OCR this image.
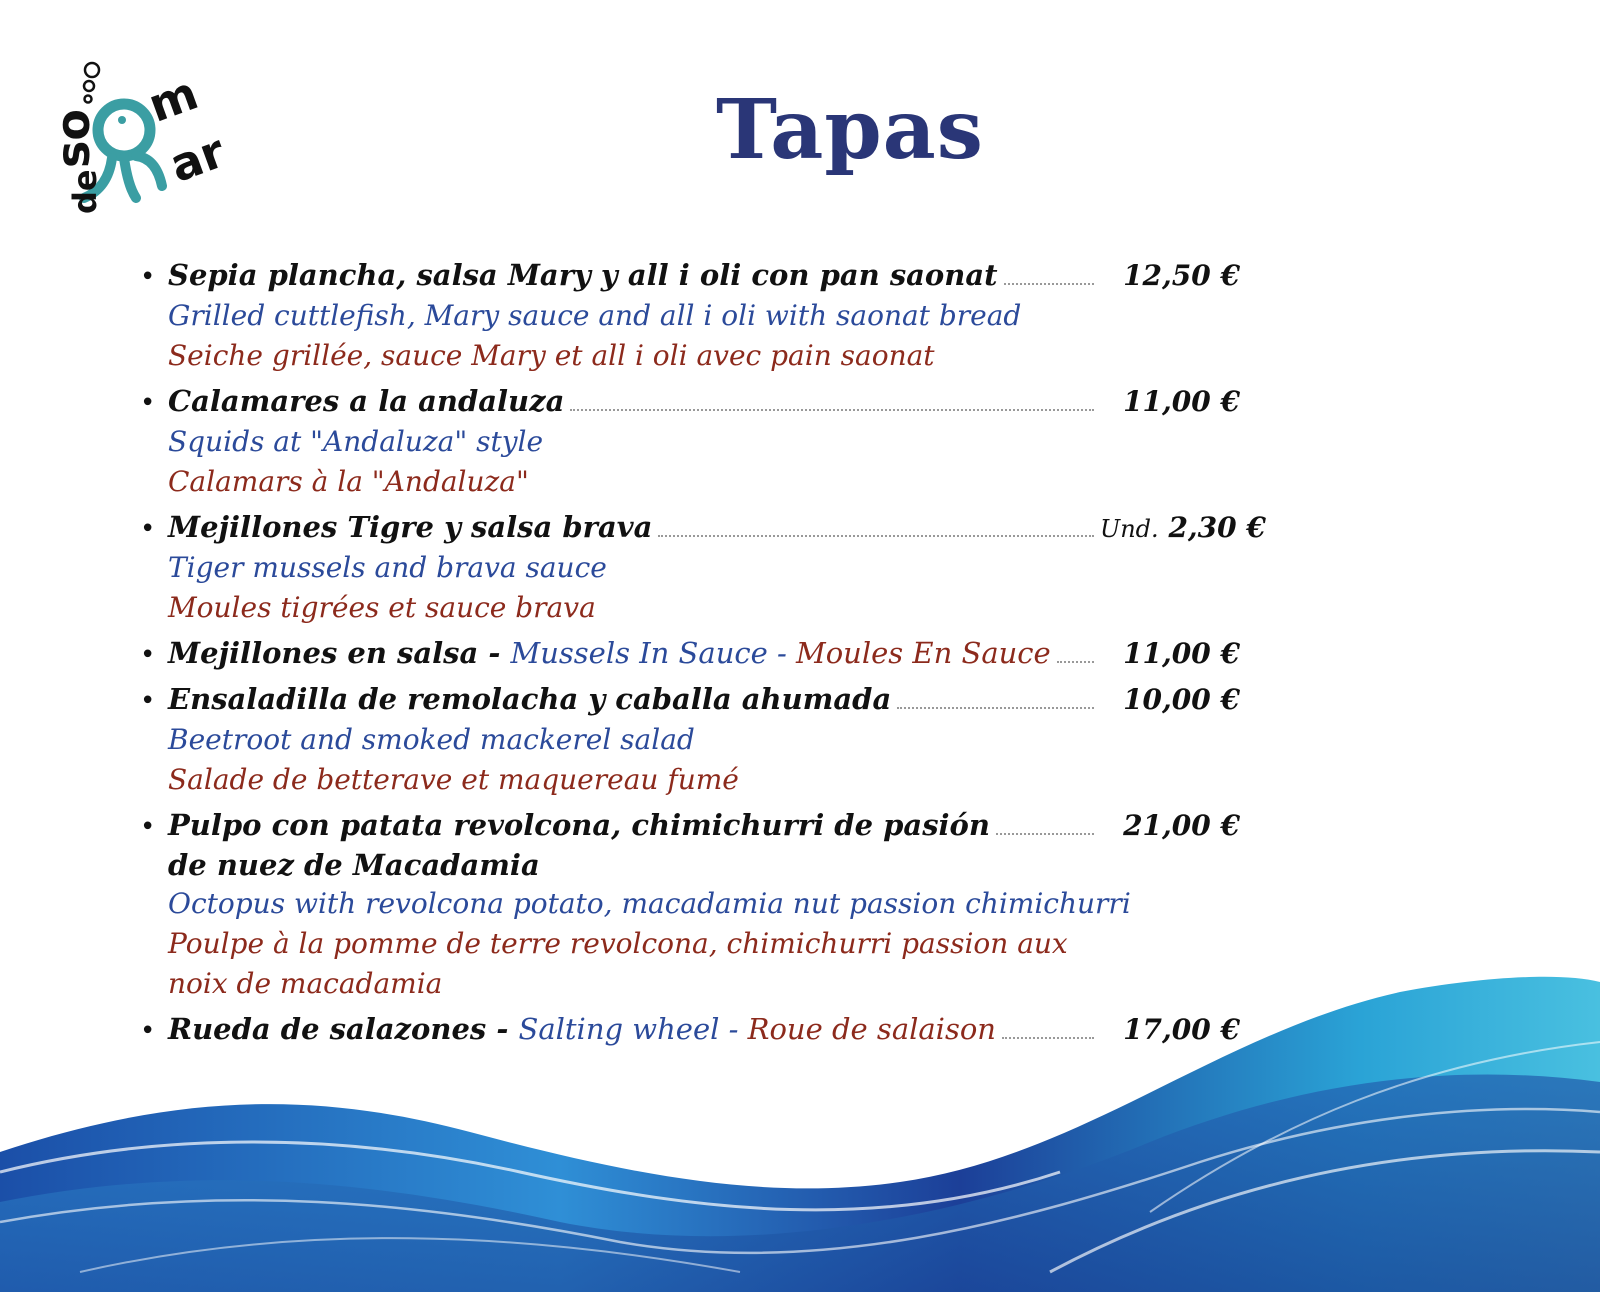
so
m
ar
de
Tapas
• Sepia plancha, salsa Mary y all i oli con pan saonat	12,50 €
Grilled cuttlefish, Mary sauce and all i oli with saonat bread
Seiche grillée, sauce Mary et all i oli avec pain saonat
• Calamares a la andaluza	11,00 €
Squids at "Andaluza" style
Calamars à la "Andaluza"
• Mejillones Tigre y salsa brava	Und. 2,30 €
Tiger mussels and brava sauce
Moules tigrées et sauce brava
• Mejillones en salsa - Mussels In Sauce - Moules En Sauce	11,00 €
• Ensaladilla de remolacha y caballa ahumada	10,00 €
Beetroot and smoked mackerel salad
Salade de betterave et maquereau fumé
• Pulpo con patata revolcona, chimichurri de pasión	21,00 €
de nuez de Macadamia
Octopus with revolcona potato, macadamia nut passion chimichurri
Poulpe à la pomme de terre revolcona, chimichurri passion aux
noix de macadamia
• Rueda de salazones - Salting wheel - Roue de salaison	17,00 €
